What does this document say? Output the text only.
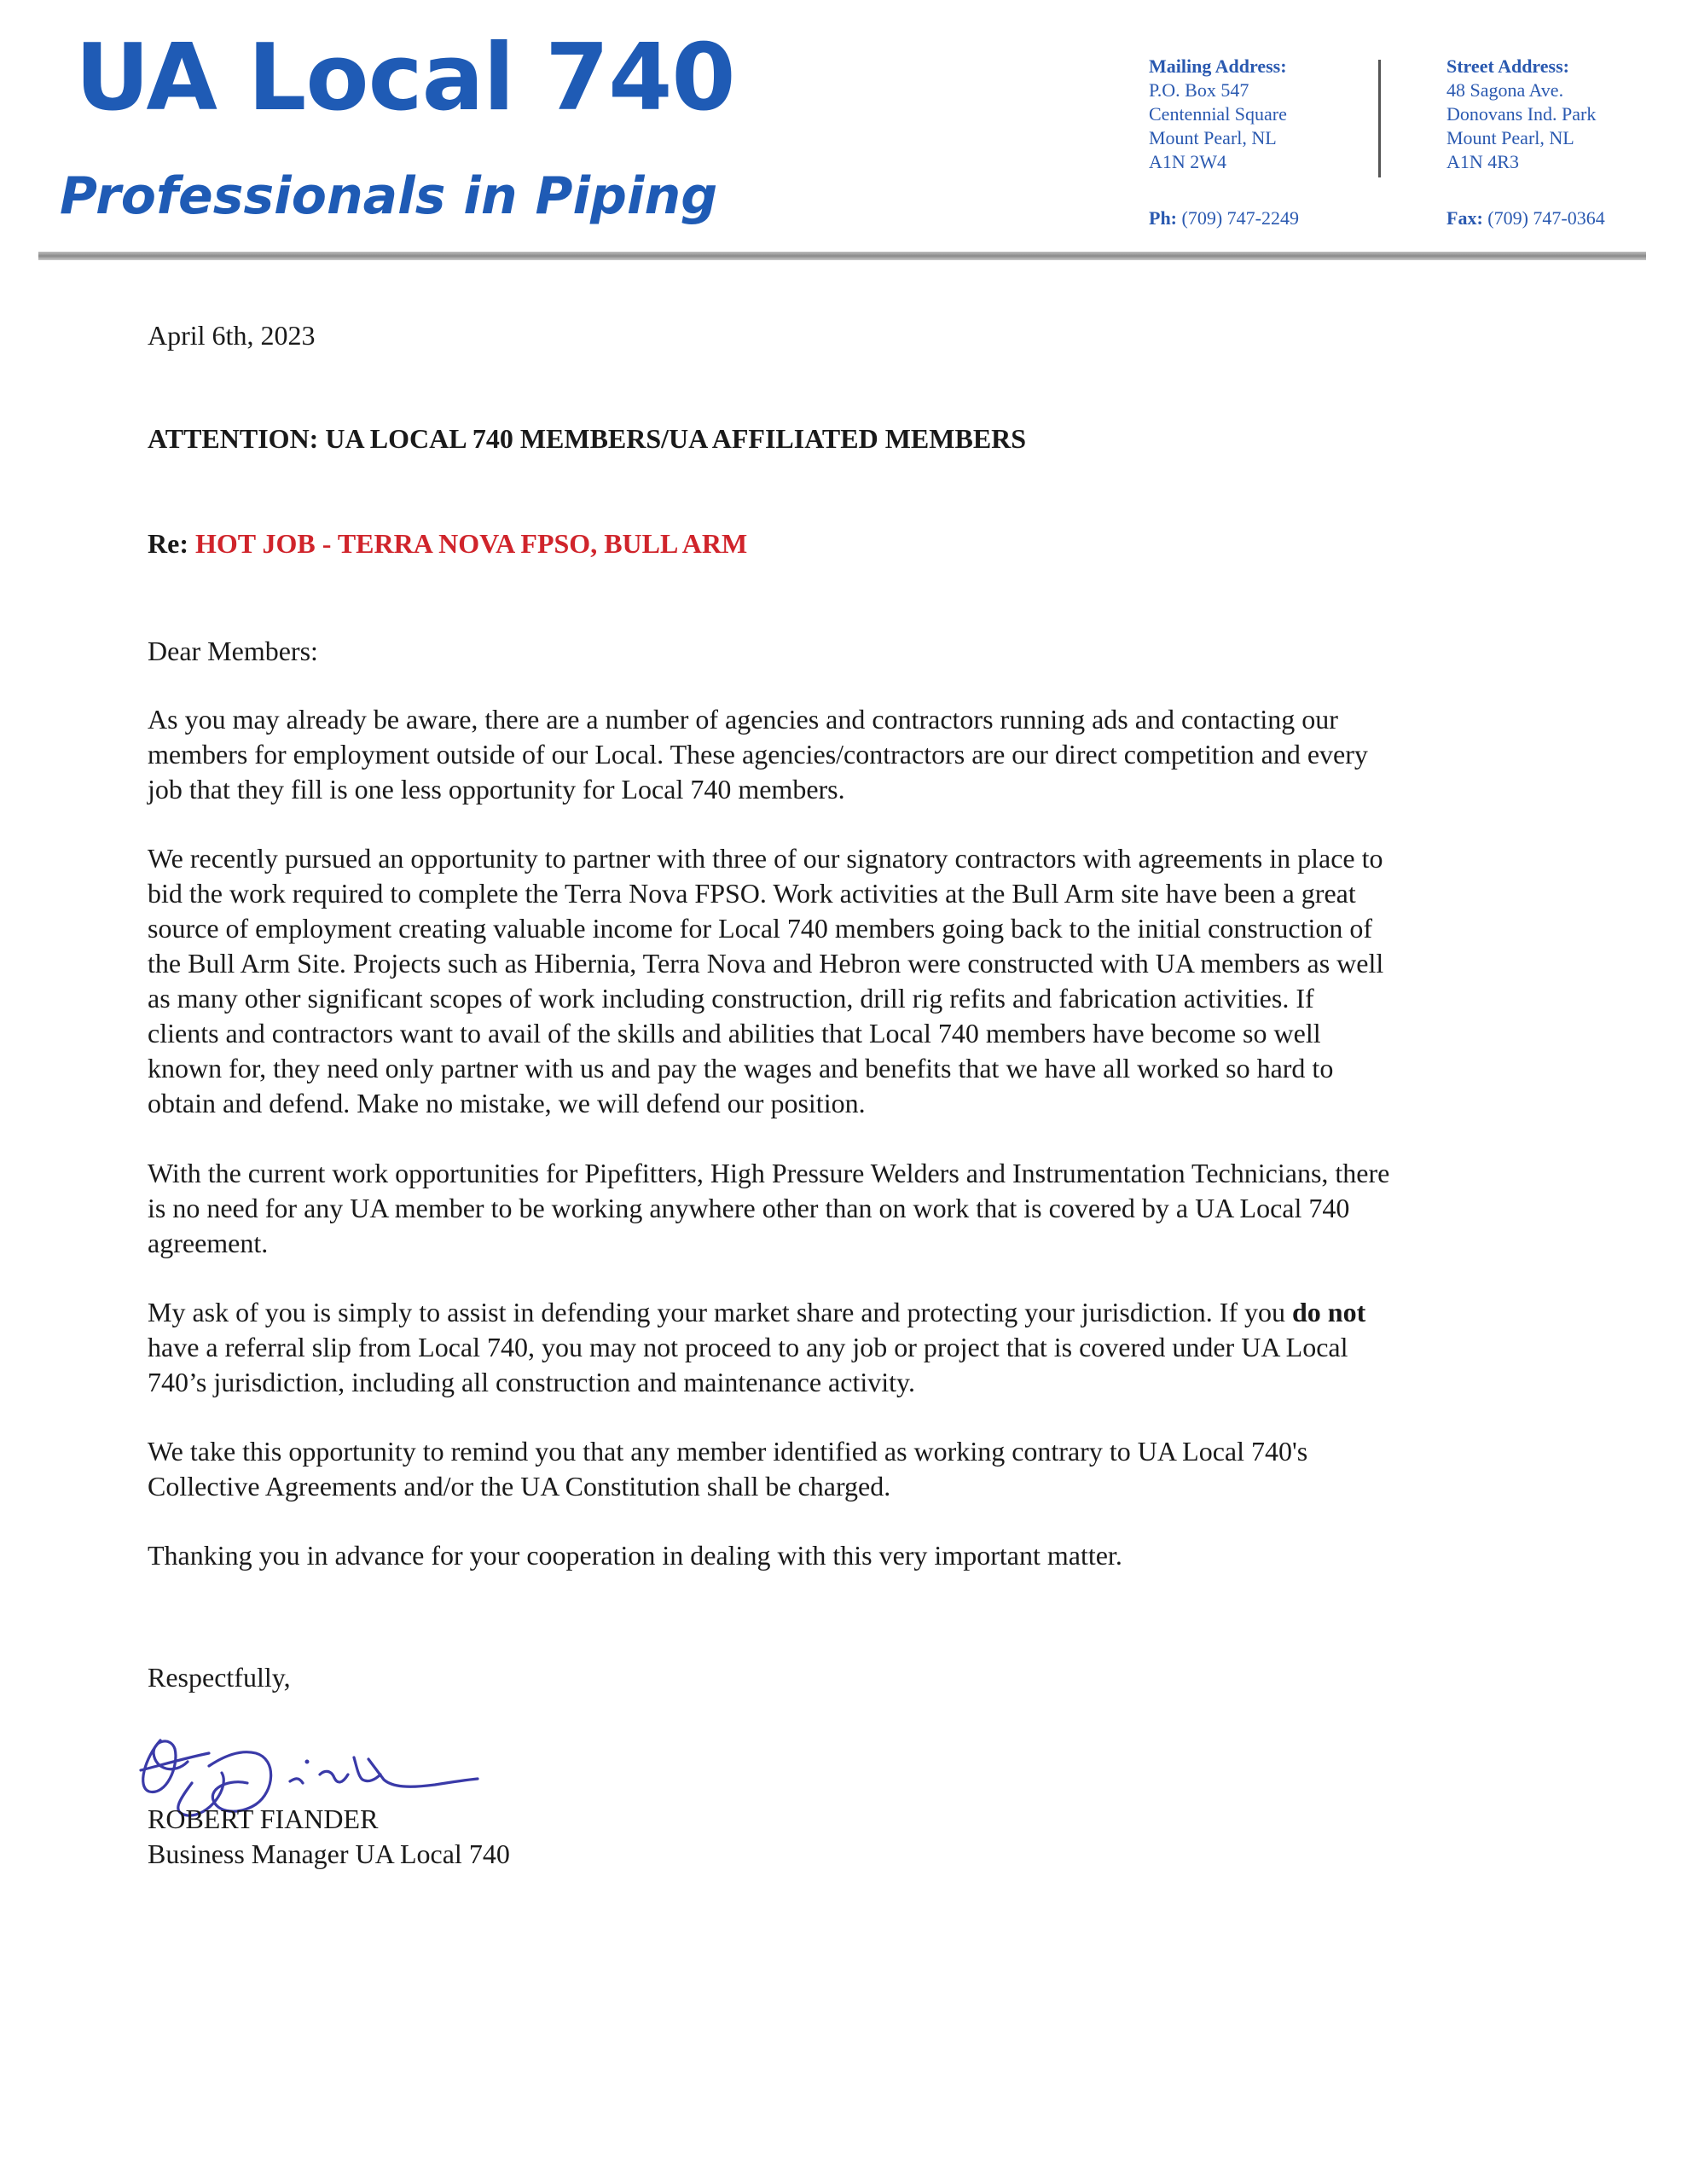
UA Local 740
Professionals in Piping
Mailing Address:
P.O. Box 547
Centennial Square
Mount Pearl, NL
A1N 2W4
Street Address:
48 Sagona Ave.
Donovans Ind. Park
Mount Pearl, NL
A1N 4R3
Ph: (709) 747-2249	Fax: (709) 747-0364
April 6th, 2023
ATTENTION: UA LOCAL 740 MEMBERS/UA AFFILIATED MEMBERS
Re: HOT JOB - TERRA NOVA FPSO, BULL ARM
Dear Members:
As you may already be aware, there are a number of agencies and contractors running ads and contacting our
members for employment outside of our Local. These agencies/contractors are our direct competition and every
job that they fill is one less opportunity for Local 740 members.
We recently pursued an opportunity to partner with three of our signatory contractors with agreements in place to
bid the work required to complete the Terra Nova FPSO. Work activities at the Bull Arm site have been a great
source of employment creating valuable income for Local 740 members going back to the initial construction of
the Bull Arm Site. Projects such as Hibernia, Terra Nova and Hebron were constructed with UA members as well
as many other significant scopes of work including construction, drill rig refits and fabrication activities. If
clients and contractors want to avail of the skills and abilities that Local 740 members have become so well
known for, they need only partner with us and pay the wages and benefits that we have all worked so hard to
obtain and defend. Make no mistake, we will defend our position.
With the current work opportunities for Pipefitters, High Pressure Welders and Instrumentation Technicians, there
is no need for any UA member to be working anywhere other than on work that is covered by a UA Local 740
agreement.
My ask of you is simply to assist in defending your market share and protecting your jurisdiction. If you do not
have a referral slip from Local 740, you may not proceed to any job or project that is covered under UA Local
740’s jurisdiction, including all construction and maintenance activity.
We take this opportunity to remind you that any member identified as working contrary to UA Local 740's
Collective Agreements and/or the UA Constitution shall be charged.
Thanking you in advance for your cooperation in dealing with this very important matter.
Respectfully,
ROBERT FIANDER
Business Manager UA Local 740
